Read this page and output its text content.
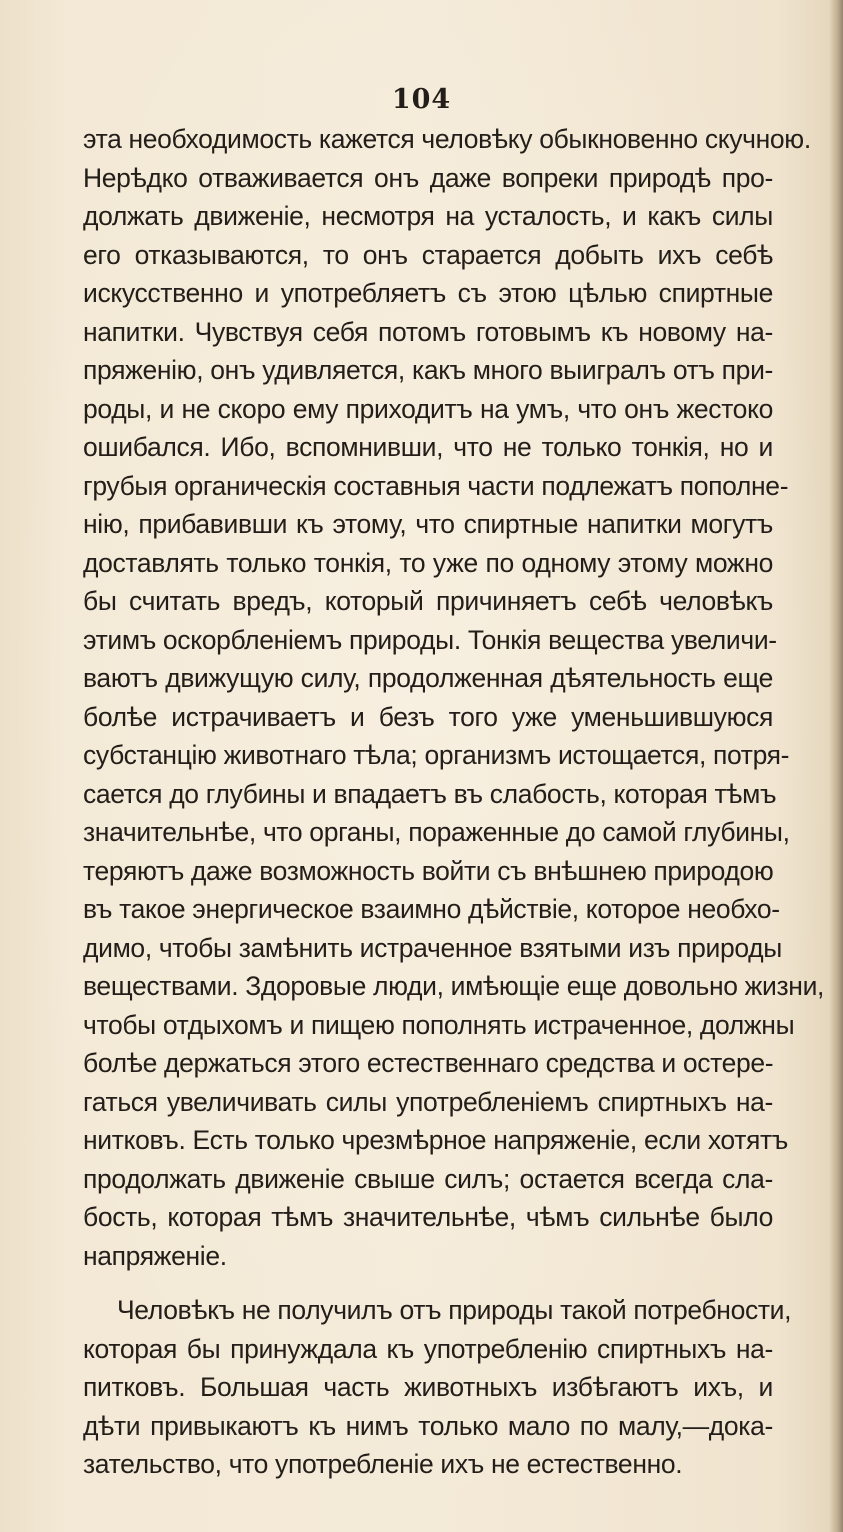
104
эта необходимость кажется человѣку обыкновенно скучною.
Нерѣдко отваживается онъ даже вопреки природѣ про-
должать движеніе, несмотря на усталость, и какъ силы
его отказываются, то онъ старается добыть ихъ себѣ
искусственно и употребляетъ съ этою цѣлью спиртные
напитки. Чувствуя себя потомъ готовымъ къ новому на-
пряженію, онъ удивляется, какъ много выигралъ отъ при-
роды, и не скоро ему приходитъ на умъ, что онъ жестоко
ошибался. Ибо, вспомнивши, что не только тонкія, но и
грубыя органическія составныя части подлежатъ пополне-
нію, прибавивши къ этому, что спиртные напитки могутъ
доставлять только тонкія, то уже по одному этому можно
бы считать вредъ, который причиняетъ себѣ человѣкъ
этимъ оскорбленіемъ природы. Тонкія вещества увеличи-
ваютъ движущую силу, продолженная дѣятельность еще
болѣе истрачиваетъ и безъ того уже уменьшившуюся
субстанцію животнаго тѣла; организмъ истощается, потря-
сается до глубины и впадаетъ въ слабость, которая тѣмъ
значительнѣе, что органы, пораженные до самой глубины,
теряютъ даже возможность войти съ внѣшнею природою
въ такое энергическое взаимно дѣйствіе, которое необхо-
димо, чтобы замѣнить истраченное взятыми изъ природы
веществами. Здоровые люди, имѣющіе еще довольно жизни,
чтобы отдыхомъ и пищею пополнять истраченное, должны
болѣе держаться этого естественнаго средства и остере-
гаться увеличивать силы употребленіемъ спиртныхъ на-
нитковъ. Есть только чрезмѣрное напряженіе, если хотятъ
продолжать движеніе свыше силъ; остается всегда сла-
бость, которая тѣмъ значительнѣе, чѣмъ сильнѣе было
напряженіе.
Человѣкъ не получилъ отъ природы такой потребности,
которая бы принуждала къ употребленію спиртныхъ на-
питковъ. Большая часть животныхъ избѣгаютъ ихъ, и
дѣти привыкаютъ къ нимъ только мало по малу,—дока-
зательство, что употребленіе ихъ не естественно.
